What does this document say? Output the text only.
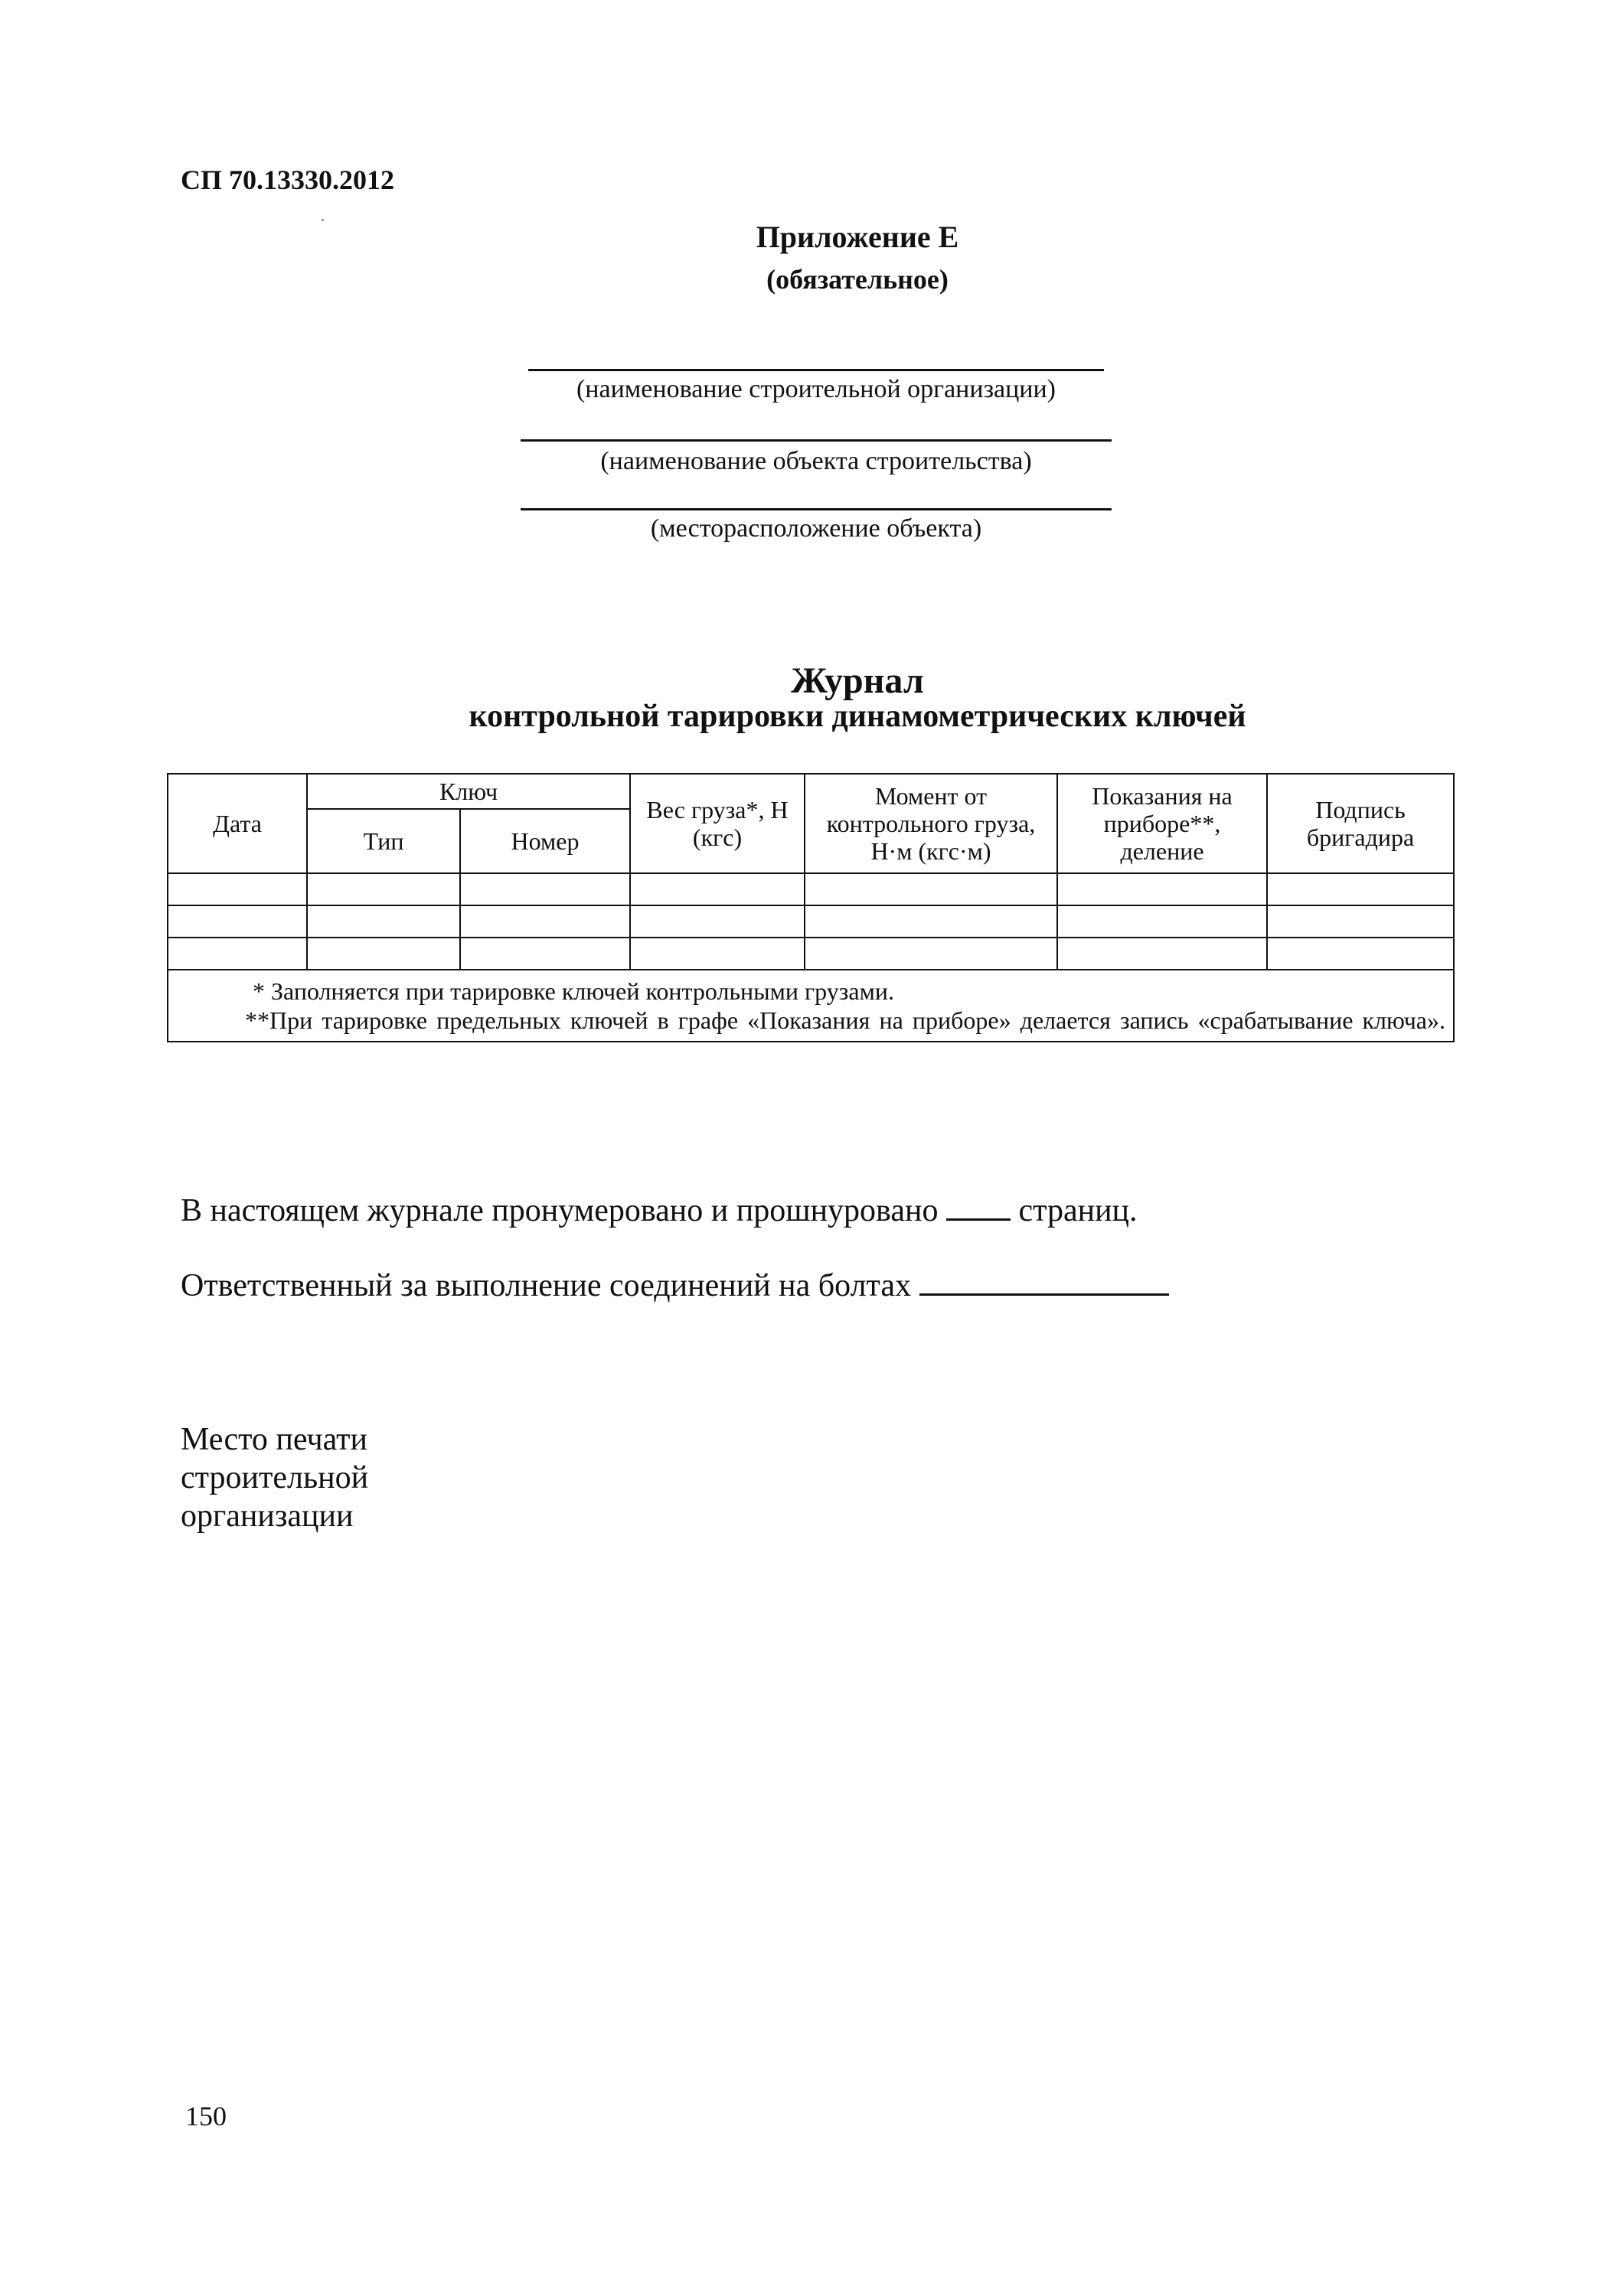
СП 70.13330.2012
Приложение Е
(обязательное)
(наименование строительной организации)
(наименование объекта строительства)
(месторасположение объекта)
Журнал
контрольной тарировки динамометрических ключей
Дата	Ключ		Вес груза*, Н (кгс)	Момент от контрольного груза, Н·м (кгс·м)	Показания на приборе**, деление	Подпись бригадира
	Тип	Номер				

* Заполняется при тарировке ключей контрольными грузами.
**При тарировке предельных ключей в графе «Показания на приборе» делается запись «срабатывание ключа».						
В настоящем журнале пронумеровано и прошнуровано	страниц.
Ответственный за выполнение соединений на болтах
Место печати
строительной
организации
150
